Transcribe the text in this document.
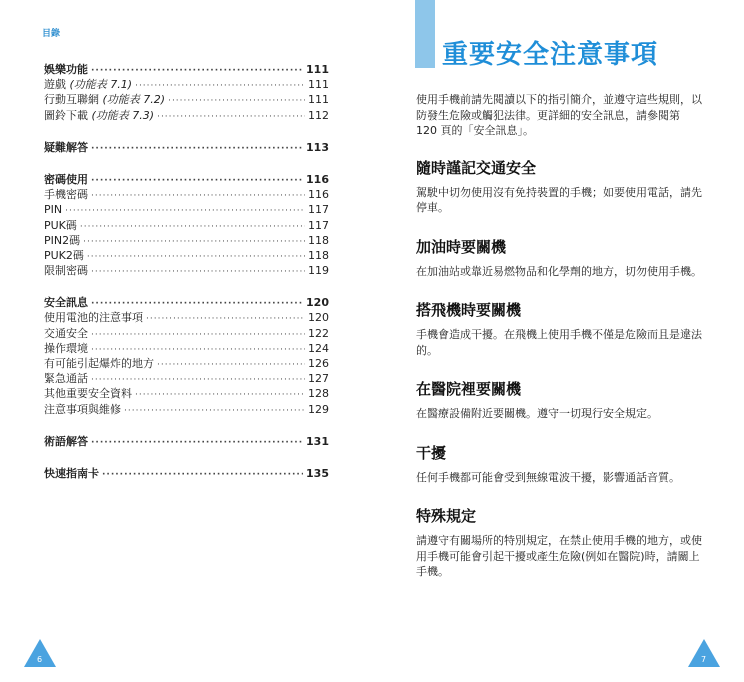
目錄
娛樂功能 ·····	111
遊戲 (功能表 7.1) ·····	111
行動互聯網 (功能表 7.2) ·····	111
圖鈴下載 (功能表 7.3) ·····	112
疑難解答 ·····	113
密碼使用 ·····	116
手機密碼 ·····	116
PIN ·····	117
PUK碼 ·····	117
PIN2碼 ·····	118
PUK2碼 ·····	118
限制密碼 ·····	119
安全訊息 ·····	120
使用電池的注意事項 ·····	120
交通安全 ·····	122
操作環境 ·····	124
有可能引起爆炸的地方 ·····	126
緊急通話 ·····	127
其他重要安全資料 ·····	128
注意事項與維修 ·····	129
術語解答 ·····	131
快速指南卡 ·····	135
6
重要安全注意事項

使用手機前請先閱讀以下的指引簡介，並遵守這些規則，以防發生危險或觸犯法律。更詳細的安全訊息，請參閱第 120 頁的「安全訊息」。

隨時謹記交通安全

駕駛中切勿使用沒有免持裝置的手機；如要使用電話，請先停車。

加油時要關機

在加油站或靠近易燃物品和化學劑的地方，切勿使用手機。

搭飛機時要關機

手機會造成干擾。在飛機上使用手機不僅是危險而且是違法的。

在醫院裡要關機

在醫療設備附近要關機。遵守一切現行安全規定。

干擾

任何手機都可能會受到無線電波干擾，影響通話音質。

特殊規定

請遵守有關場所的特別規定，在禁止使用手機的地方，或使用手機可能會引起干擾或產生危險(例如在醫院)時，請關上手機。

7
